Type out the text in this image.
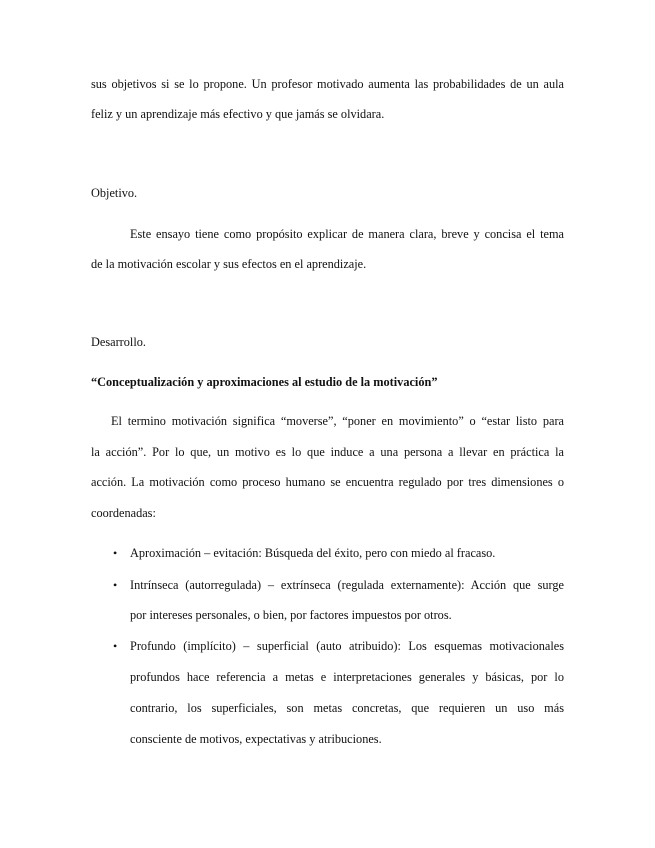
sus objetivos si se lo propone. Un profesor motivado aumenta las probabilidades de un aula
feliz y un aprendizaje más efectivo y que jamás se olvidara.
Objetivo.
Este ensayo tiene como propósito explicar de manera clara, breve y concisa el tema
de la motivación escolar y sus efectos en el aprendizaje.
Desarrollo.
“Conceptualización y aproximaciones al estudio de la motivación”
El termino motivación significa “moverse”, “poner en movimiento” o “estar listo para
la acción”. Por lo que, un motivo es lo que induce a una persona a llevar en práctica la
acción. La motivación como proceso humano se encuentra regulado por tres dimensiones o
coordenadas:
• Aproximación – evitación: Búsqueda del éxito, pero con miedo al fracaso.
• Intrínseca (autorregulada) – extrínseca (regulada externamente): Acción que surge
por intereses personales, o bien, por factores impuestos por otros.
• Profundo (implícito) – superficial (auto atribuido): Los esquemas motivacionales
profundos hace referencia a metas e interpretaciones generales y básicas, por lo
contrario, los superficiales, son metas concretas, que requieren un uso más
consciente de motivos, expectativas y atribuciones.
